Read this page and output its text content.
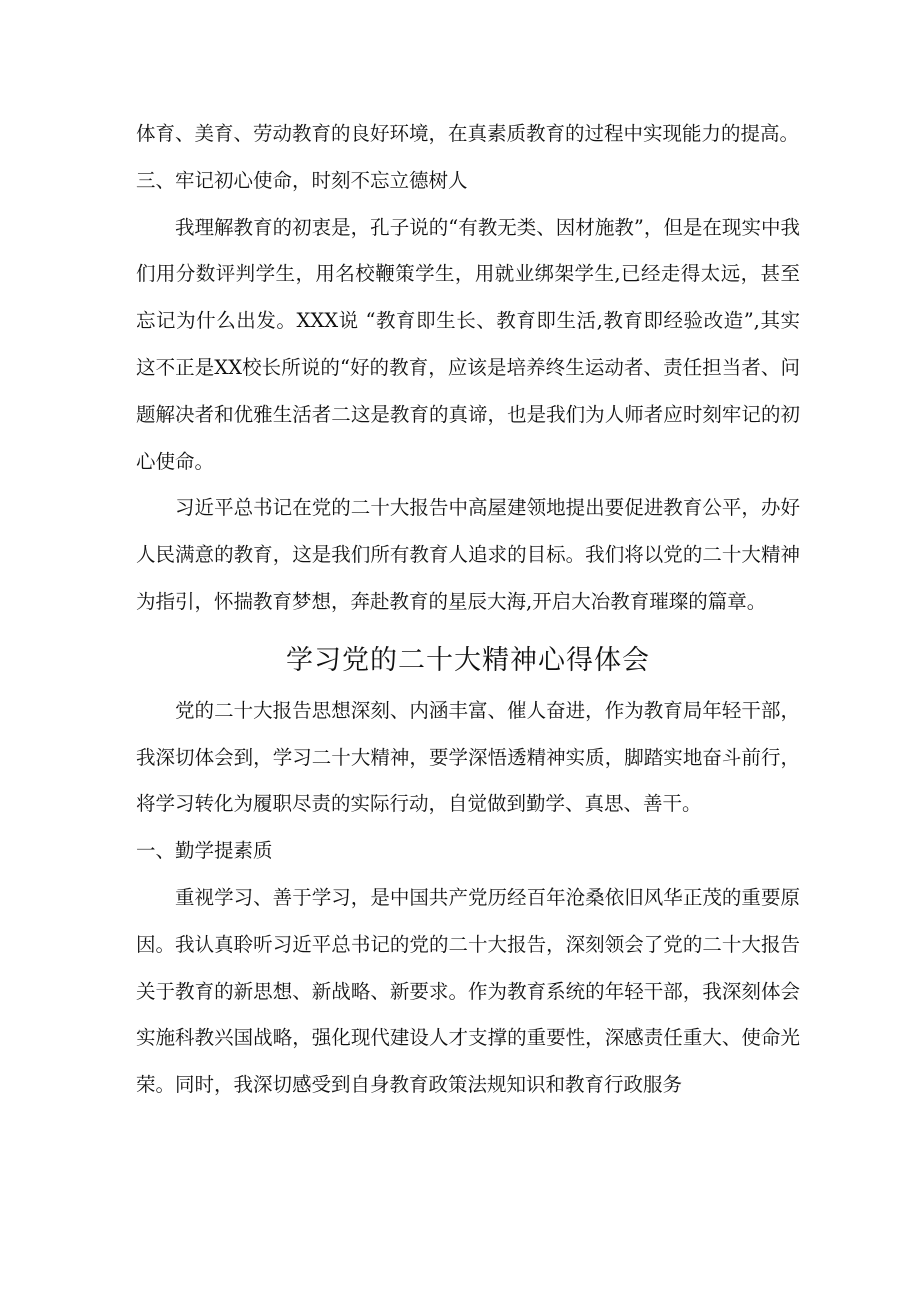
体育、美育、劳动教育的良好环境，在真素质教育的过程中实现能力的提高。

三、牢记初心使命，时刻不忘立德树人

我理解教育的初衷是，孔子说的“有教无类、因材施教”，但是在现实中我们用分数评判学生，用名校鞭策学生，用就业绑架学生,已经走得太远，甚至忘记为什么出发。XXX说 “教育即生长、教育即生活,教育即经验改造”,其实这不正是XX校长所说的“好的教育，应该是培养终生运动者、责任担当者、问题解决者和优雅生活者二这是教育的真谛，也是我们为人师者应时刻牢记的初心使命。

习近平总书记在党的二十大报告中高屋建领地提出要促进教育公平，办好人民满意的教育，这是我们所有教育人追求的目标。我们将以党的二十大精神为指引，怀揣教育梦想，奔赴教育的星辰大海,开启大冶教育璀璨的篇章。

学习党的二十大精神心得体会

党的二十大报告思想深刻、内涵丰富、催人奋进，作为教育局年轻干部，我深切体会到，学习二十大精神，要学深悟透精神实质，脚踏实地奋斗前行，将学习转化为履职尽责的实际行动，自觉做到勤学、真思、善干。

一、勤学提素质

重视学习、善于学习，是中国共产党历经百年沧桑依旧风华正茂的重要原因。我认真聆听习近平总书记的党的二十大报告，深刻领会了党的二十大报告关于教育的新思想、新战略、新要求。作为教育系统的年轻干部，我深刻体会实施科教兴国战略，强化现代建设人才支撑的重要性，深感责任重大、使命光荣。同时，我深切感受到自身教育政策法规知识和教育行政服务
